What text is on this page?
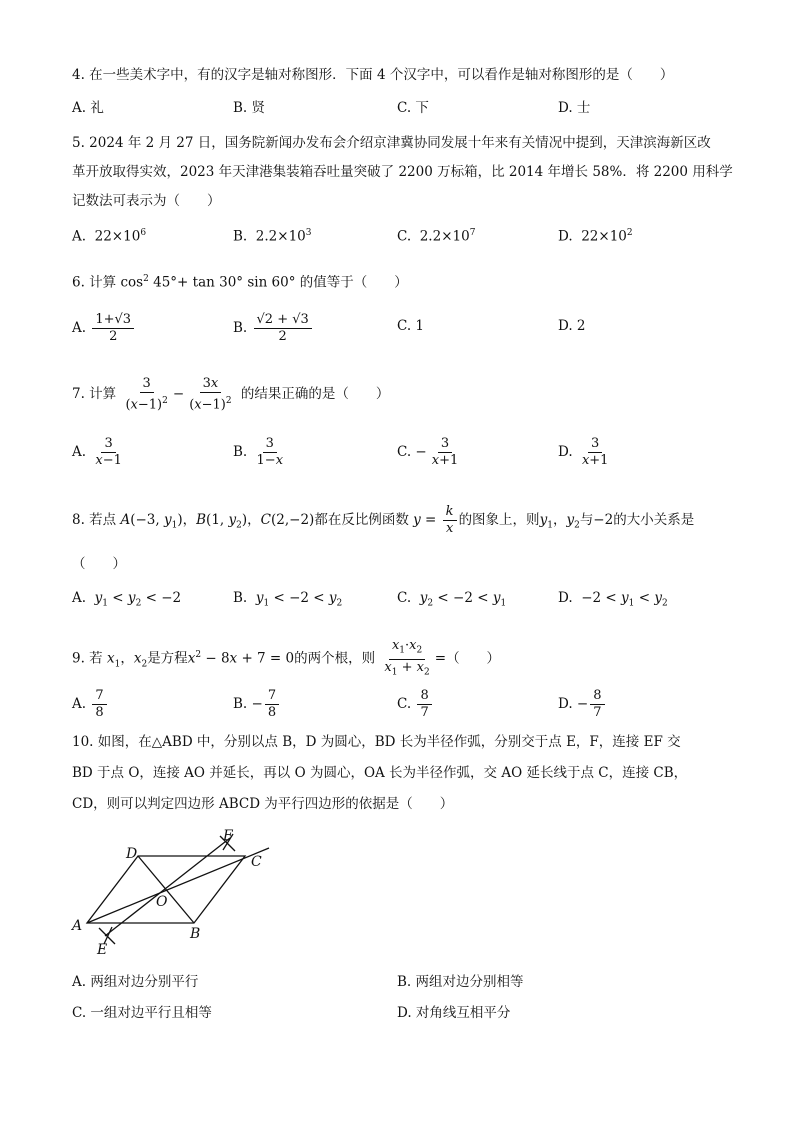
4. 在一些美术字中，有的汉字是轴对称图形．下面 4 个汉字中，可以看作是轴对称图形的是（　　）
A. 礼	B. 贤	C. 下	D. 士
5. 2024 年 2 月 27 日，国务院新闻办发布会介绍京津冀协同发展十年来有关情况中提到，天津滨海新区改
革开放取得实效，2023 年天津港集装箱吞吐量突破了 2200 万标箱，比 2014 年增长 58%．将 2200 用科学
记数法可表示为（　　）
A.  $22\times 10^6$	B.  $2.2\times 10^3$	C.  $2.2\times 10^7$	D.  $22\times 10^2$
6. 计算 $\cos^2 45^\circ+ \tan 30^\circ$ sin 60° 的值等于（　　）
A. $\frac{1+√3}{2}$	B. $\frac{√2 + √3}{2}$	C. 1	D. 2
7. 计算 $\frac{3}{(x-1)^2} - \frac{3x}{(x-1)^2}$ 的结果正确的是（　　）
A. $\frac{3}{x-1}$	B. $\frac{3}{1-x}$	C. − $\frac{3}{x+1}$	D. $\frac{3}{x+1}$
8. 若点 A(−3, $y_1$)，B(1, $y_2$)，C(2,−2)都在反比例函数 $y = \frac{k}{x}$ 的图象上，则$y_1$，$y_2$与−2的大小关系是
（　　）
A. $y_1 < y_2 < -2$	B. $y_1 < -2 < y_2$	C. $y_2 < -2 < y_1$	D.  $-2 < y_1 < y_2$
9. 若 $x_1$，$x_2$是方程$x^2 - 8x + 7 = 0$的两个根，则 $\frac{x_1\cdot x_2}{x_1 + x_2}$ =（　　）
A. $\frac{7}{8}$	B. − $\frac{7}{8}$	C. $\frac{8}{7}$	D. − $\frac{8}{7}$
10. 如图，在△ABD 中，分别以点 B，D 为圆心，BD 长为半径作弧，分别交于点 E，F，连接 EF 交
BD 于点 O，连接 AO 并延长，再以 O 为圆心，OA 长为半径作弧，交 AO 延长线于点 C，连接 CB，
CD，则可以判定四边形 ABCD 为平行四边形的依据是（　　）
A	B
C
D
O
E
F
A. 两组对边分别平行	B. 两组对边分别相等
C. 一组对边平行且相等	D. 对角线互相平分
